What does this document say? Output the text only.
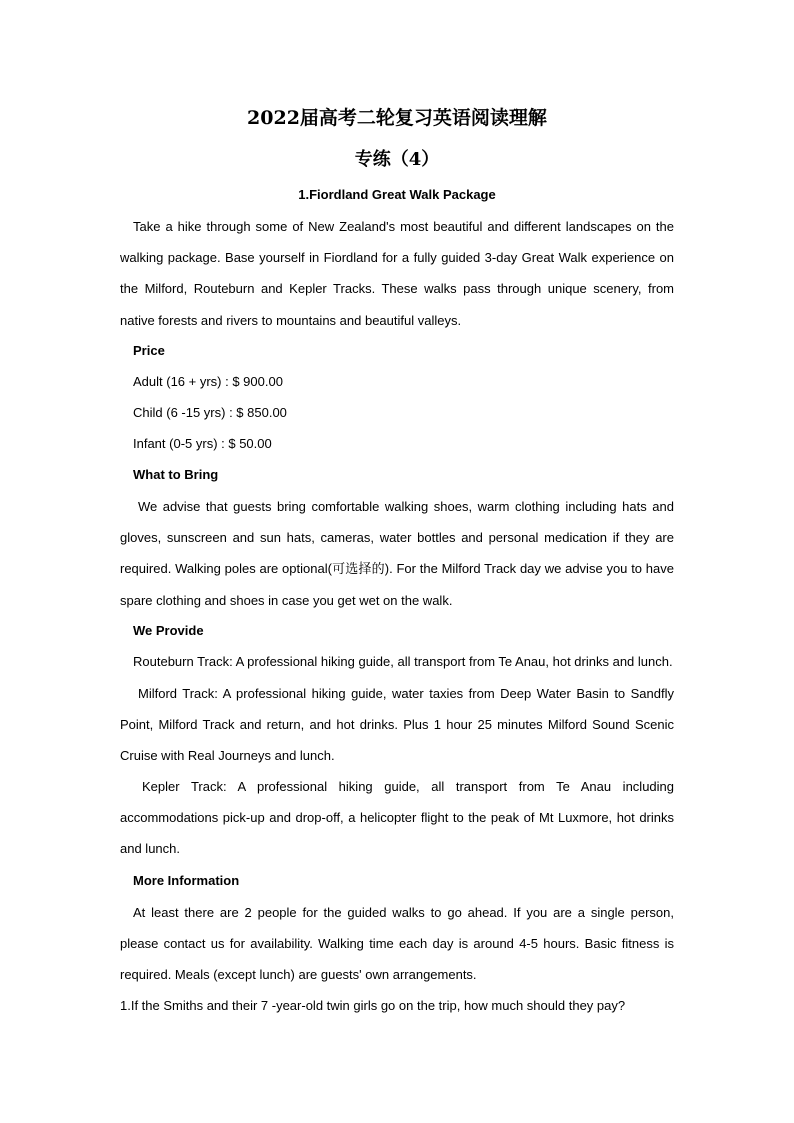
2022届高考二轮复习英语阅读理解
专练（4）
1.Fiordland Great Walk Package

Take a hike through some of New Zealand's most beautiful and different landscapes on the walking package. Base yourself in Fiordland for a fully guided 3-day Great Walk experience on the Milford, Routeburn and Kepler Tracks. These walks pass through unique scenery, from native forests and rivers to mountains and beautiful valleys.

Price

Adult (16 + yrs) : $ 900.00

Child (6 -15 yrs) : $ 850.00

Infant (0-5 yrs) : $ 50.00

What to Bring

We advise that guests bring comfortable walking shoes, warm clothing including hats and gloves, sunscreen and sun hats, cameras, water bottles and personal medication if they are required. Walking poles are optional(可选择的). For the Milford Track day we advise you to have spare clothing and shoes in case you get wet on the walk.

We Provide

Routeburn Track: A professional hiking guide, all transport from Te Anau, hot drinks and lunch.

Milford Track: A professional hiking guide, water taxies from Deep Water Basin to Sandfly Point, Milford Track and return, and hot drinks. Plus 1 hour 25 minutes Milford Sound Scenic Cruise with Real Journeys and lunch.

Kepler Track: A professional hiking guide, all transport from Te Anau including accommodations pick-up and drop-off, a helicopter flight to the peak of Mt Luxmore, hot drinks and lunch.

More Information

At least there are 2 people for the guided walks to go ahead. If you are a single person, please contact us for availability. Walking time each day is around 4-5 hours. Basic fitness is required. Meals (except lunch) are guests' own arrangements.

1.If the Smiths and their 7 -year-old twin girls go on the trip, how much should they pay?
